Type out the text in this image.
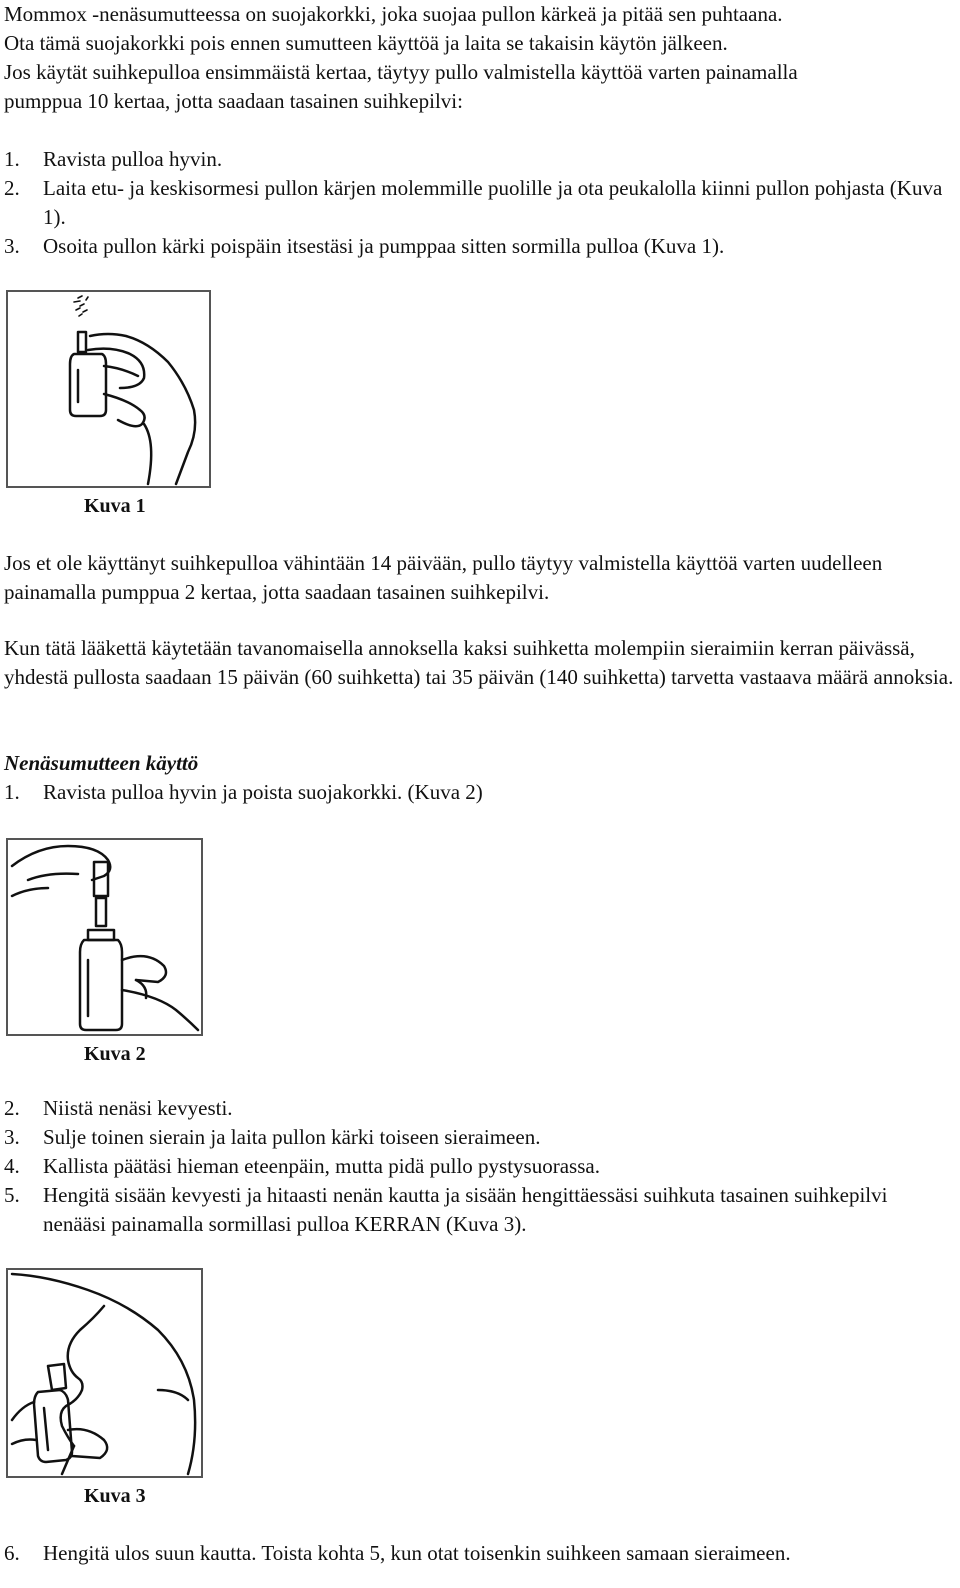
Mommox -nenäsumutteessa on suojakorkki, joka suojaa pullon kärkeä ja pitää sen puhtaana.

Ota tämä suojakorkki pois ennen sumutteen käyttöä ja laita se takaisin käytön jälkeen.

Jos käytät suihkepulloa ensimmäistä kertaa, täytyy pullo valmistella käyttöä varten painamalla

pumppua 10 kertaa, jotta saadaan tasainen suihkepilvi:

1.	Ravista pulloa hyvin.
2.	Laita etu- ja keskisormesi pullon kärjen molemmille puolille ja ota peukalolla kiinni pullon pohjasta (Kuva 1).
3.	Osoita pullon kärki poispäin itsestäsi ja pumppaa sitten sormilla pulloa (Kuva 1).
Kuva 1

Jos et ole käyttänyt suihkepulloa vähintään 14 päivään, pullo täytyy valmistella käyttöä varten uudelleen painamalla pumppua 2 kertaa, jotta saadaan tasainen suihkepilvi.

Kun tätä lääkettä käytetään tavanomaisella annoksella kaksi suihketta molempiin sieraimiin kerran päivässä, yhdestä pullosta saadaan 15 päivän (60 suihketta) tai 35 päivän (140 suihketta) tarvetta vastaava määrä annoksia.

Nenäsumutteen käyttö
1.	Ravista pulloa hyvin ja poista suojakorkki. (Kuva 2)
Kuva 2
2.	Niistä nenäsi kevyesti.
3.	Sulje toinen sierain ja laita pullon kärki toiseen sieraimeen.
4.	Kallista päätäsi hieman eteenpäin, mutta pidä pullo pystysuorassa.
5.	Hengitä sisään kevyesti ja hitaasti nenän kautta ja sisään hengittäessäsi suihkuta tasainen suihkepilvi nenääsi painamalla sormillasi pulloa KERRAN (Kuva 3).
Kuva 3
6.	Hengitä ulos suun kautta. Toista kohta 5, kun otat toisenkin suihkeen samaan sieraimeen.
